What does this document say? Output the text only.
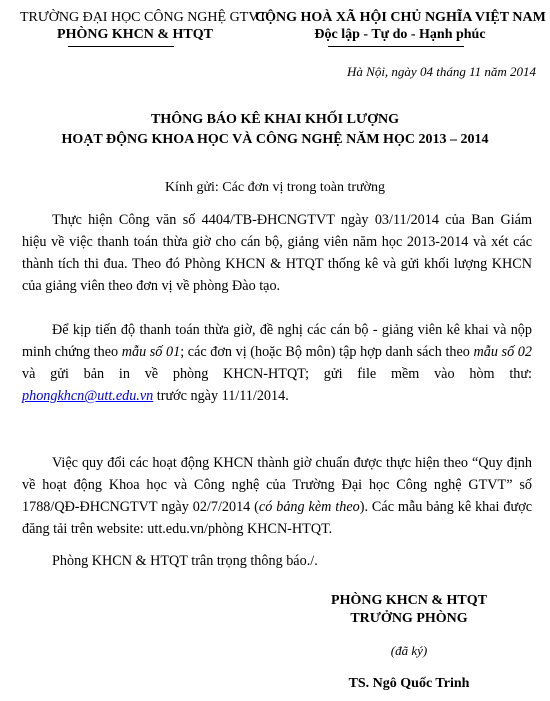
TRƯỜNG ĐẠI HỌC CÔNG NGHỆ GTVT
PHÒNG KHCN & HTQT
CỘNG HOÀ XÃ HỘI CHỦ NGHĨA VIỆT NAM
Độc lập - Tự do - Hạnh phúc
Hà Nội, ngày 04 tháng 11 năm 2014
THÔNG BÁO KÊ KHAI KHỐI LƯỢNG
HOẠT ĐỘNG KHOA HỌC VÀ CÔNG NGHỆ NĂM HỌC 2013 – 2014
Kính gửi: Các đơn vị trong toàn trường
Thực hiện Công văn số 4404/TB-ĐHCNGTVT ngày 03/11/2014 của Ban Giám hiệu về việc thanh toán thừa giờ cho cán bộ, giảng viên năm học 2013-2014 và xét các thành tích thi đua. Theo đó Phòng KHCN & HTQT thống kê và gửi khối lượng KHCN của giảng viên theo đơn vị về phòng Đào tạo.
Để kịp tiến độ thanh toán thừa giờ, đề nghị các cán bộ - giảng viên kê khai và nộp minh chứng theo mẫu số 01; các đơn vị (hoặc Bộ môn) tập hợp danh sách theo mẫu số 02 và gửi bản in về phòng KHCN-HTQT; gửi file mềm vào hòm thư: phongkhcn@utt.edu.vn trước ngày 11/11/2014.
Việc quy đổi các hoạt động KHCN thành giờ chuẩn được thực hiện theo “Quy định về hoạt động Khoa học và Công nghệ của Trường Đại học Công nghệ GTVT” số 1788/QĐ-ĐHCNGTVT ngày 02/7/2014 (có bảng kèm theo). Các mẫu bảng kê khai được đăng tải trên website: utt.edu.vn/phòng KHCN-HTQT.
Phòng KHCN & HTQT trân trọng thông báo./.
PHÒNG KHCN & HTQT
TRƯỞNG PHÒNG
(đã ký)
TS. Ngô Quốc Trinh
